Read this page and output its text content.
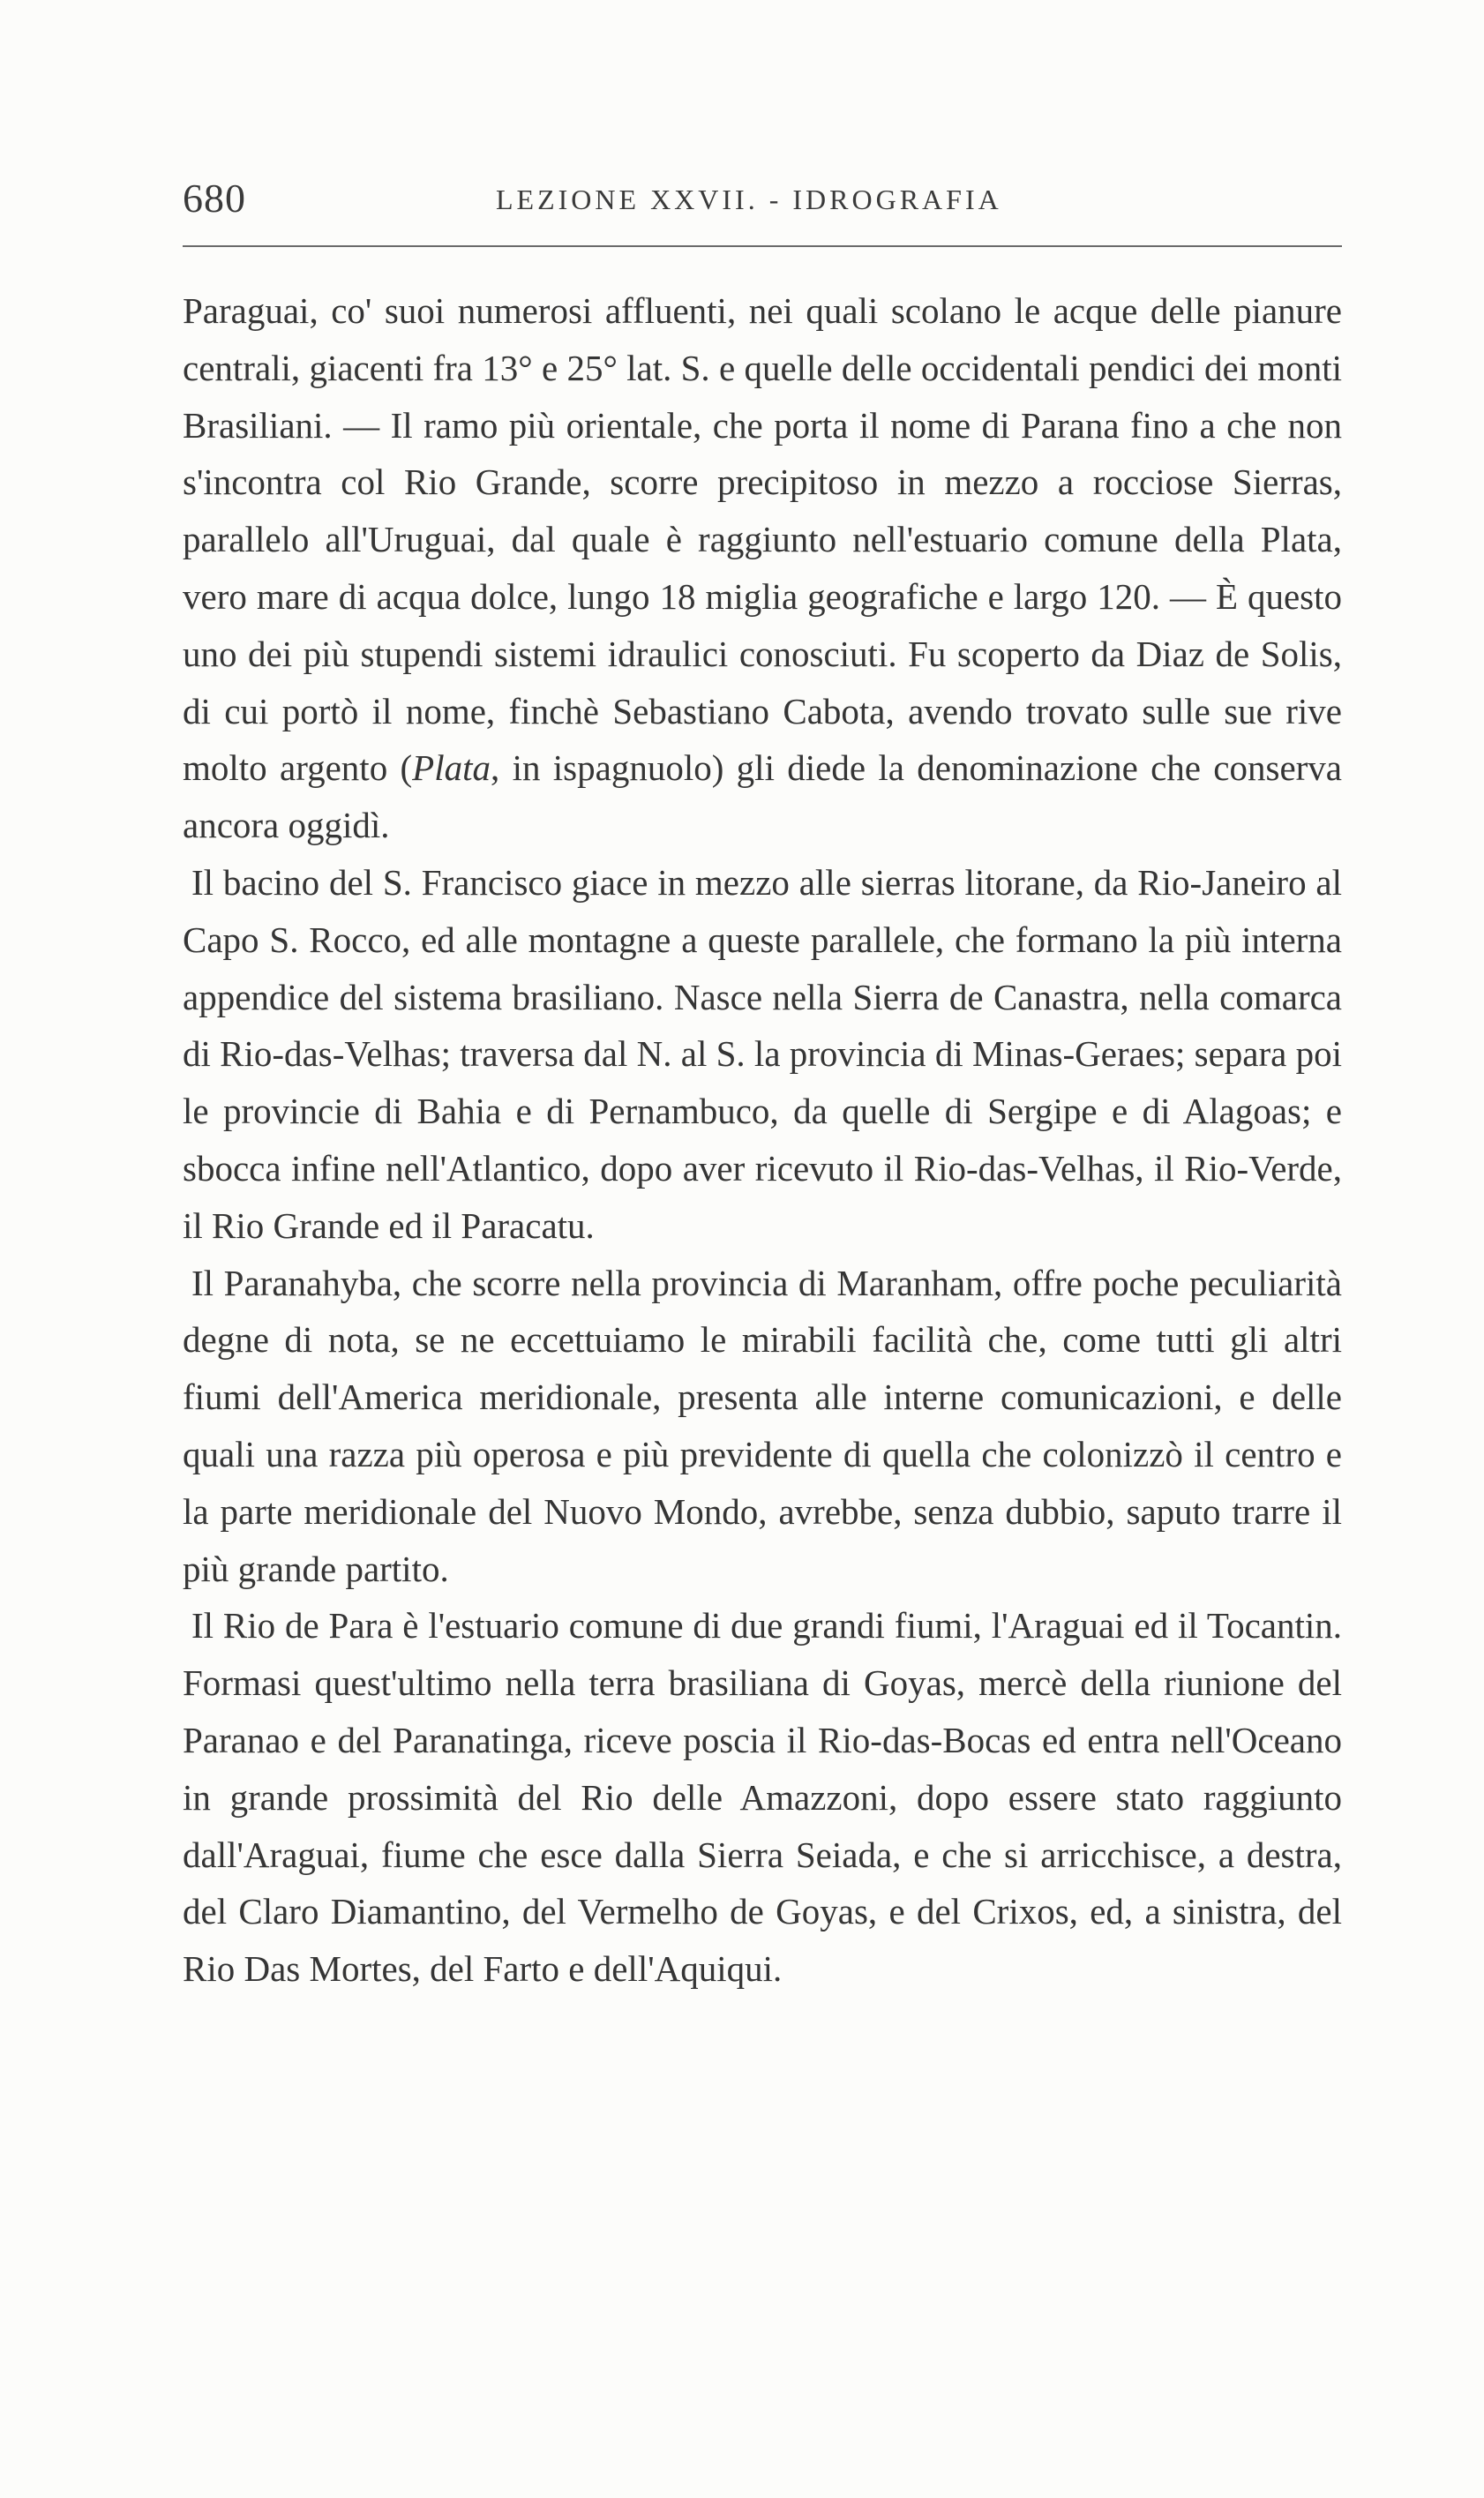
680	LEZIONE XXVII. - IDROGRAFIA

Paraguai, co' suoi numerosi affluenti, nei quali scolano le acque delle pianure centrali, giacenti fra 13° e 25° lat. S. e quelle delle occidentali pendici dei monti Brasiliani. — Il ramo più orientale, che porta il nome di Parana fino a che non s'incontra col Rio Grande, scorre precipitoso in mezzo a rocciose Sierras, parallelo all'Uruguai, dal quale è raggiunto nell'estuario comune della Plata, vero mare di acqua dolce, lungo 18 miglia geografiche e largo 120. — È questo uno dei più stupendi sistemi idraulici conosciuti. Fu scoperto da Diaz de Solis, di cui portò il nome, finchè Sebastiano Cabota, avendo trovato sulle sue rive molto argento (Plata, in ispagnuolo) gli diede la denominazione che conserva ancora oggidì.

Il bacino del S. Francisco giace in mezzo alle sierras litorane, da Rio-Janeiro al Capo S. Rocco, ed alle montagne a queste parallele, che formano la più interna appendice del sistema brasiliano. Nasce nella Sierra de Canastra, nella comarca di Rio-das-Velhas; traversa dal N. al S. la provincia di Minas-Geraes; separa poi le provincie di Bahia e di Pernambuco, da quelle di Sergipe e di Alagoas; e sbocca infine nell'Atlantico, dopo aver ricevuto il Rio-das-Velhas, il Rio-Verde, il Rio Grande ed il Paracatu.

Il Paranahyba, che scorre nella provincia di Maranham, offre poche peculiarità degne di nota, se ne eccettuiamo le mirabili facilità che, come tutti gli altri fiumi dell'America meridionale, presenta alle interne comunicazioni, e delle quali una razza più operosa e più previdente di quella che colonizzò il centro e la parte meridionale del Nuovo Mondo, avrebbe, senza dubbio, saputo trarre il più grande partito.

Il Rio de Para è l'estuario comune di due grandi fiumi, l'Araguai ed il Tocantin. Formasi quest'ultimo nella terra brasiliana di Goyas, mercè della riunione del Paranao e del Paranatinga, riceve poscia il Rio-das-Bocas ed entra nell'Oceano in grande prossimità del Rio delle Amazzoni, dopo essere stato raggiunto dall'Araguai, fiume che esce dalla Sierra Seiada, e che si arricchisce, a destra, del Claro Diamantino, del Vermelho de Goyas, e del Crixos, ed, a sinistra, del Rio Das Mortes, del Farto e dell'Aquiqui.
